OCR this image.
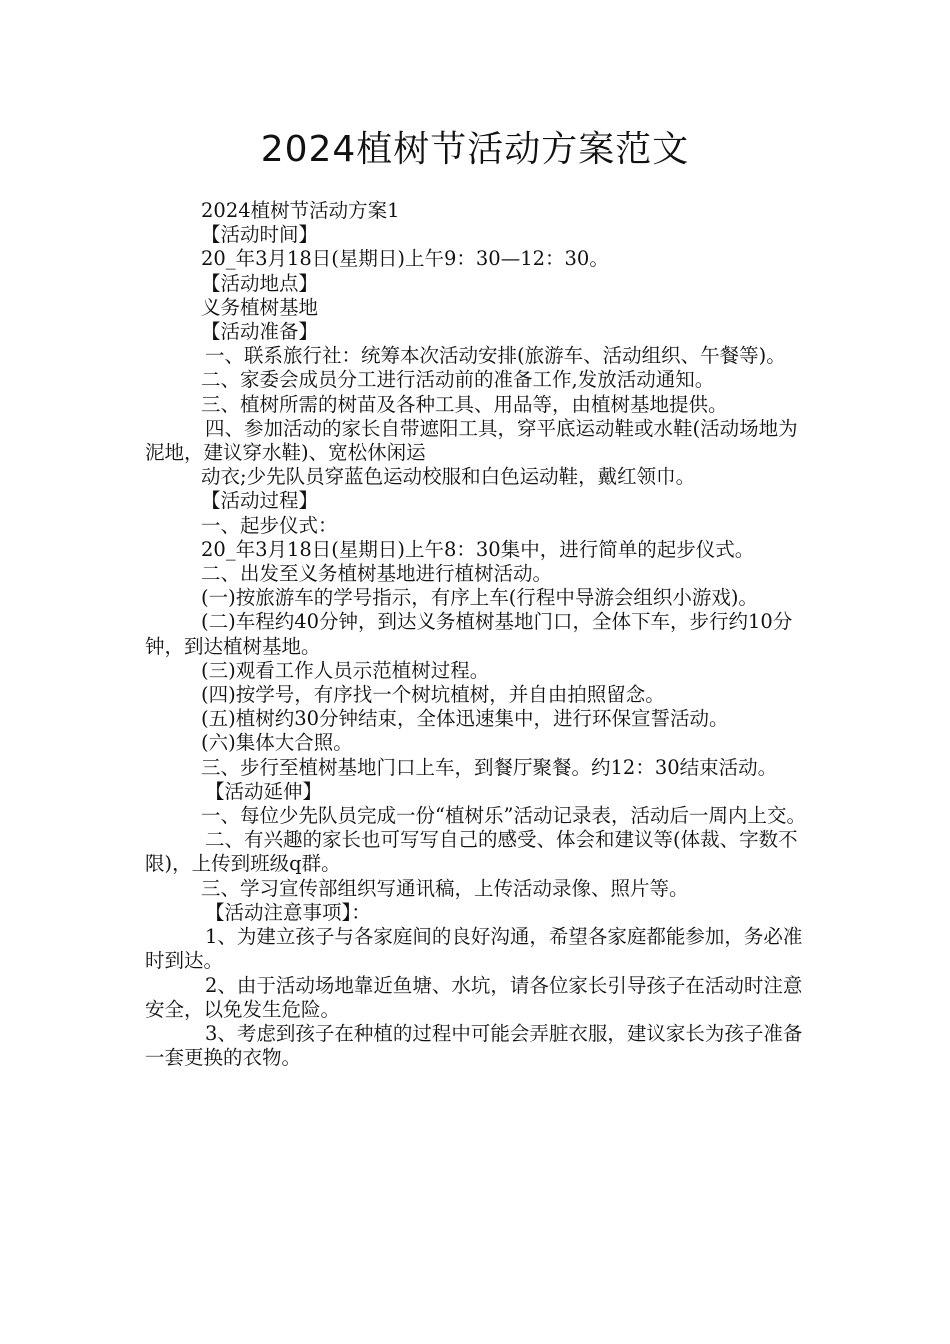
2024植树节活动方案范文

2024植树节活动方案1

【活动时间】

20_年3月18日(星期日)上午9：30—12：30。

【活动地点】

义务植树基地

【活动准备】

一、联系旅行社：统筹本次活动安排(旅游车、活动组织、午餐等)。

二、家委会成员分工进行活动前的准备工作,发放活动通知。

三、植树所需的树苗及各种工具、用品等，由植树基地提供。

四、参加活动的家长自带遮阳工具，穿平底运动鞋或水鞋(活动场地为泥地，建议穿水鞋)、宽松休闲运

动衣;少先队员穿蓝色运动校服和白色运动鞋，戴红领巾。

【活动过程】

一、起步仪式：

20_年3月18日(星期日)上午8：30集中，进行简单的起步仪式。

二、出发至义务植树基地进行植树活动。

(一)按旅游车的学号指示，有序上车(行程中导游会组织小游戏)。

(二)车程约40分钟，到达义务植树基地门口，全体下车，步行约10分钟，到达植树基地。

(三)观看工作人员示范植树过程。

(四)按学号，有序找一个树坑植树，并自由拍照留念。

(五)植树约30分钟结束，全体迅速集中，进行环保宣誓活动。

(六)集体大合照。

三、步行至植树基地门口上车，到餐厅聚餐。约12：30结束活动。

【活动延伸】

一、每位少先队员完成一份“植树乐”活动记录表，活动后一周内上交。

二、有兴趣的家长也可写写自己的感受、体会和建议等(体裁、字数不限)，上传到班级q群。

三、学习宣传部组织写通讯稿，上传活动录像、照片等。

【活动注意事项】：

1、为建立孩子与各家庭间的良好沟通，希望各家庭都能参加，务必准时到达。

2、由于活动场地靠近鱼塘、水坑，请各位家长引导孩子在活动时注意安全，以免发生危险。

3、考虑到孩子在种植的过程中可能会弄脏衣服，建议家长为孩子准备一套更换的衣物。
